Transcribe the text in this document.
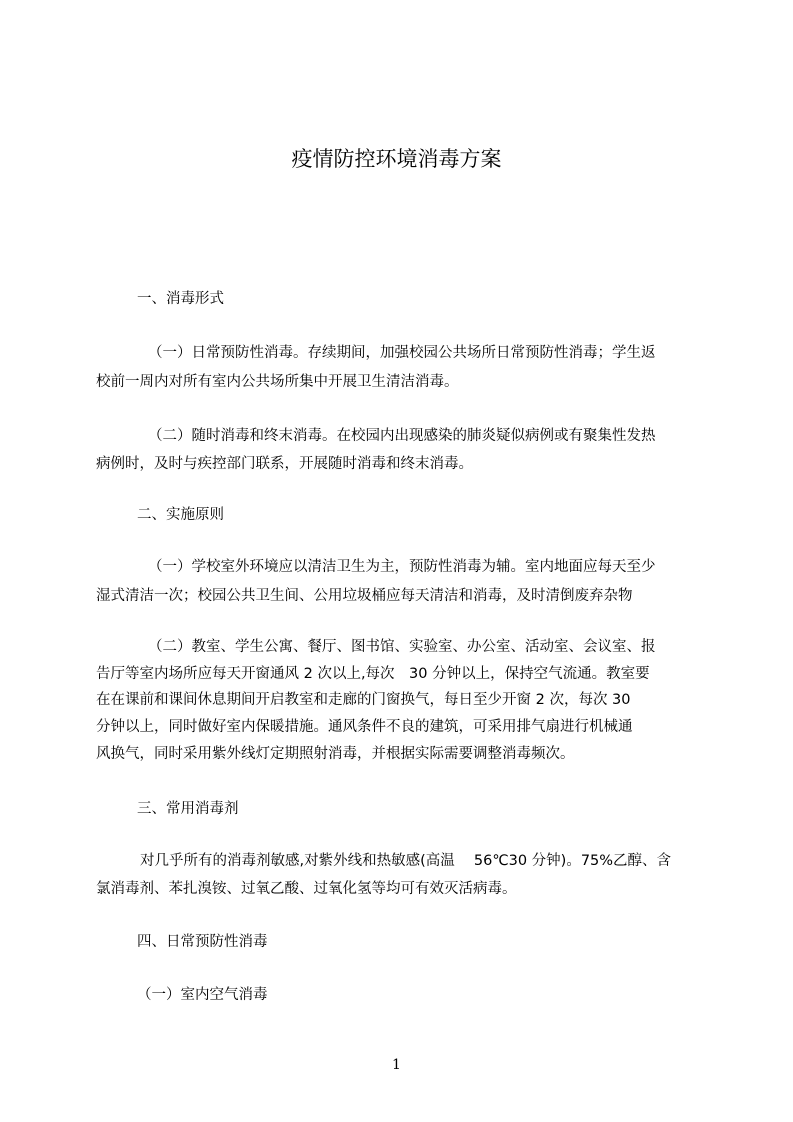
疫情防控环境消毒方案
一、消毒形式
（一）日常预防性消毒。存续期间，加强校园公共场所日常预防性消毒；学生返
校前一周内对所有室内公共场所集中开展卫生清洁消毒。
（二）随时消毒和终末消毒。在校园内出现感染的肺炎疑似病例或有聚集性发热
病例时，及时与疾控部门联系，开展随时消毒和终末消毒。
二、实施原则
（一）学校室外环境应以清洁卫生为主，预防性消毒为辅。室内地面应每天至少
湿式清洁一次；校园公共卫生间、公用垃圾桶应每天清洁和消毒，及时清倒废弃杂物
（二）教室、学生公寓、餐厅、图书馆、实验室、办公室、活动室、会议室、报
告厅等室内场所应每天开窗通风 2 次以上,每次　30 分钟以上，保持空气流通。教室要
在在课前和课间休息期间开启教室和走廊的门窗换气，每日至少开窗 2 次，每次 30
分钟以上，同时做好室内保暖措施。通风条件不良的建筑，可采用排气扇进行机械通
风换气，同时采用紫外线灯定期照射消毒，并根据实际需要调整消毒频次。
三、常用消毒剂
对几乎所有的消毒剂敏感,对紫外线和热敏感(高温　 56℃30 分钟)。75%乙醇、含
氯消毒剂、苯扎溴铵、过氧乙酸、过氧化氢等均可有效灭活病毒。
四、日常预防性消毒
（一）室内空气消毒
1
